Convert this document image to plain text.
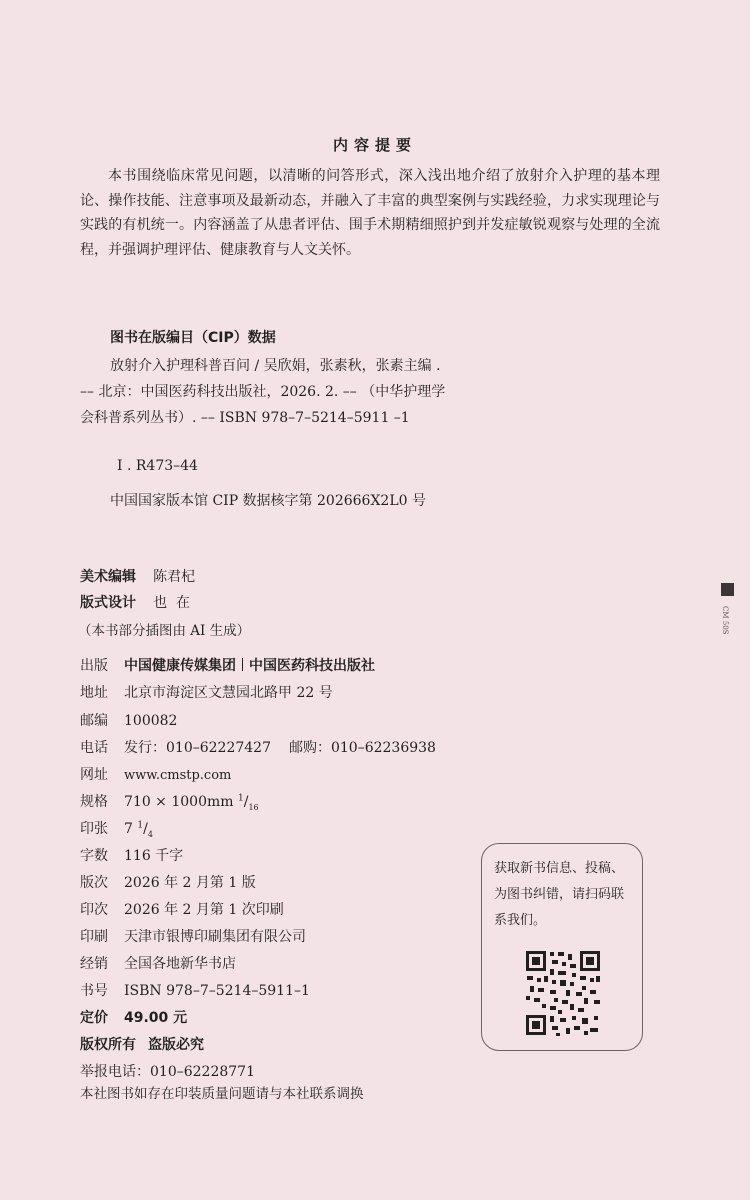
内容提要
本书围绕临床常见问题，以清晰的问答形式，深入浅出地介绍了放射介入护理的基本理论、操作技能、注意事项及最新动态，并融入了丰富的典型案例与实践经验，力求实现理论与实践的有机统一。内容涵盖了从患者评估、围手术期精细照护到并发症敏锐观察与处理的全流程，并强调护理评估、健康教育与人文关怀。
图书在版编目（CIP）数据
放射介入护理科普百问 / 吴欣娟，张素秋，张素主编 . –– 北京：中国医药科技出版社，2026. 2. –– （中华护理学会科普系列丛书）. –– ISBN 978–7–5214–5911 –1
Ⅰ . R473–44
中国国家版本馆 CIP 数据核字第 202666X2L0 号
美术编辑 陈君杞
版式设计 也  在
（本书部分插图由 AI 生成）
出版 中国健康传媒集团 中国医药科技出版社
地址 北京市海淀区文慧园北路甲 22 号
邮编 100082
电话 发行：010–62227427 邮购：010–62236938
网址 www.cmstp.com
规格 710 × 1000mm $^1/_{16}$
印张 7 $^1/_4$
字数 116 千字
版次 2026 年 2 月第 1 版
印次 2026 年 2 月第 1 次印刷
印刷 天津市银博印刷集团有限公司
经销 全国各地新华书店
书号 ISBN 978–7–5214–5911–1
定价 49.00 元
版权所有 盗版必究
举报电话：010–62228771
本社图书如存在印装质量问题请与本社联系调换
获取新书信息、投稿、为图书纠错，请扫码联系我们。
CM 50S
